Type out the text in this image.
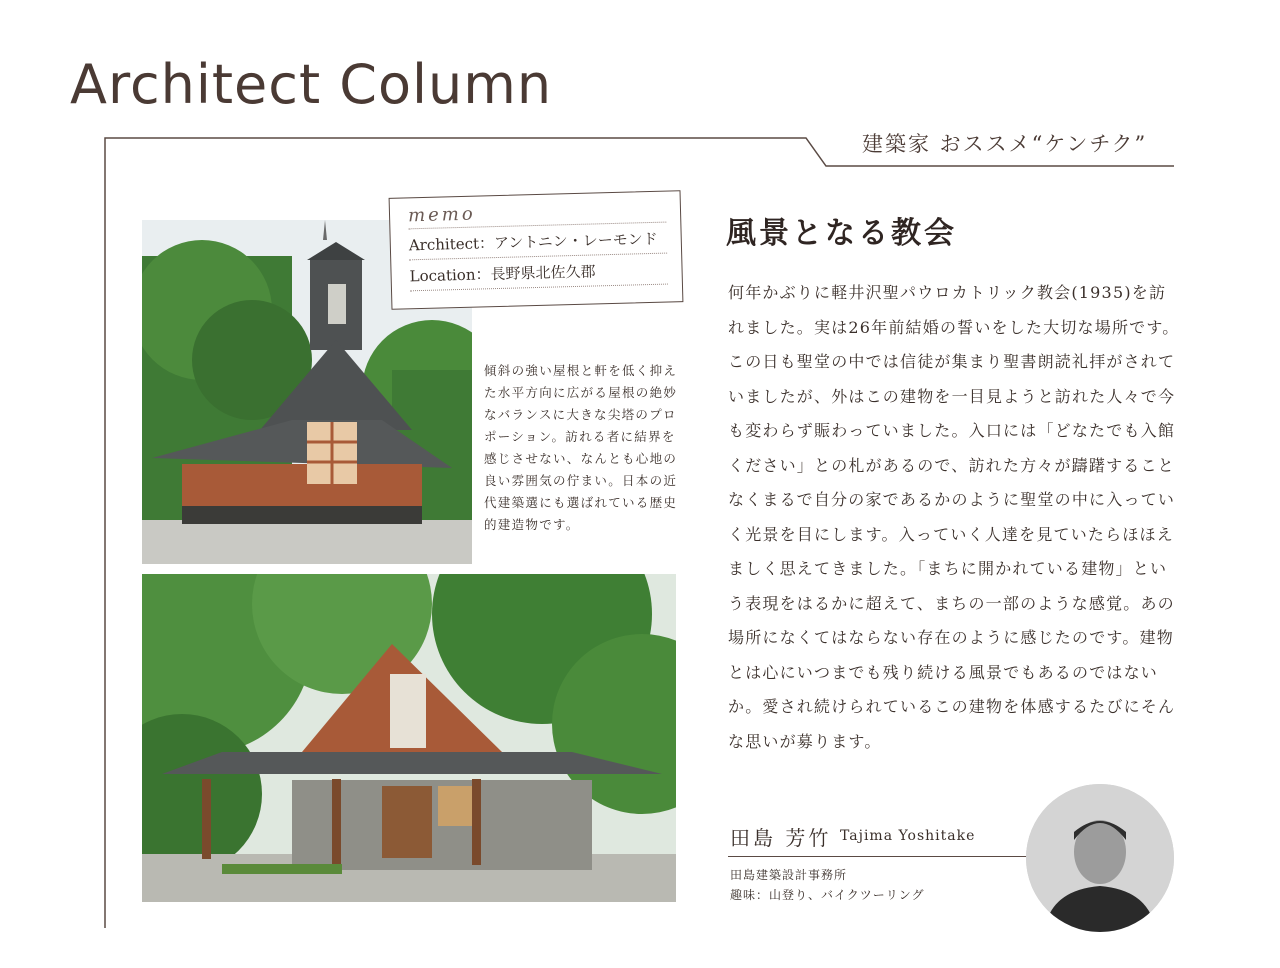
Architect Column
建築家 おススメ“ケンチク”
memo
Architect：アントニン・レーモンド
Location：長野県北佐久郡
傾斜の強い屋根と軒を低く抑えた水平方向に広がる屋根の絶妙なバランスに大きな尖塔のプロポーション。訪れる者に結界を感じさせない、なんとも心地の良い雰囲気の佇まい。日本の近代建築選にも選ばれている歴史的建造物です。
風景となる教会
何年かぶりに軽井沢聖パウロカトリック教会(1935)を訪れました。実は26年前結婚の誓いをした大切な場所です。この日も聖堂の中では信徒が集まり聖書朗読礼拝がされていましたが、外はこの建物を一目見ようと訪れた人々で今も変わらず賑わっていました。入口には「どなたでも入館ください」との札があるので、訪れた方々が躊躇することなくまるで自分の家であるかのように聖堂の中に入っていく光景を目にします。入っていく人達を見ていたらほほえましく思えてきました。「まちに開かれている建物」という表現をはるかに超えて、まちの一部のような感覚。あの場所になくてはならない存在のように感じたのです。建物とは心にいつまでも残り続ける風景でもあるのではないか。愛され続けられているこの建物を体感するたびにそんな思いが募ります。
田島 芳竹 Tajima Yoshitake
田島建築設計事務所
趣味：山登り、バイクツーリング
